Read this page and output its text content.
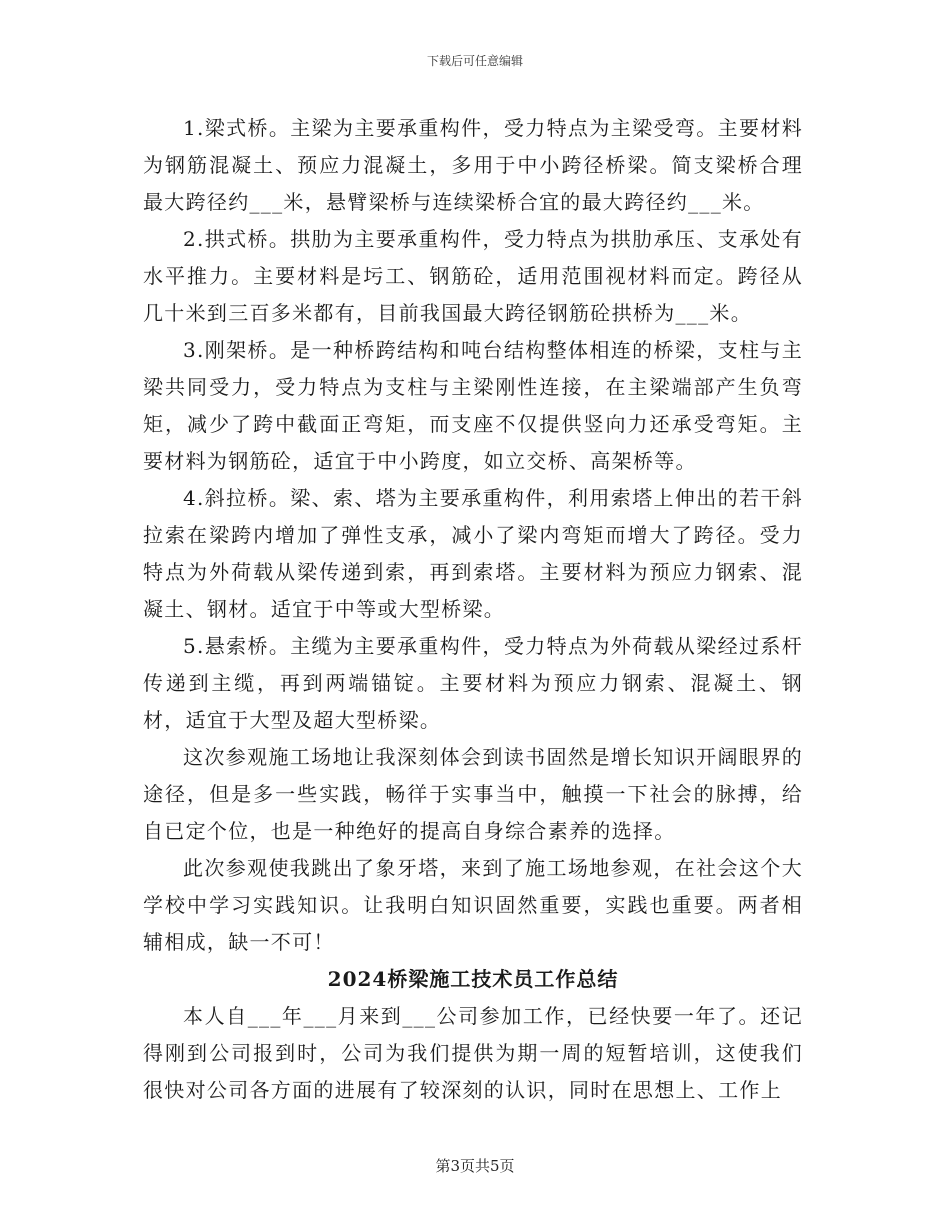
下载后可任意编辑

1.梁式桥。主梁为主要承重构件，受力特点为主梁受弯。主要材料为钢筋混凝土、预应力混凝土，多用于中小跨径桥梁。简支梁桥合理最大跨径约___米，悬臂梁桥与连续梁桥合宜的最大跨径约___米。

2.拱式桥。拱肋为主要承重构件，受力特点为拱肋承压、支承处有水平推力。主要材料是圬工、钢筋砼，适用范围视材料而定。跨径从几十米到三百多米都有，目前我国最大跨径钢筋砼拱桥为___米。

3.刚架桥。是一种桥跨结构和吨台结构整体相连的桥梁，支柱与主梁共同受力，受力特点为支柱与主梁刚性连接，在主梁端部产生负弯矩，减少了跨中截面正弯矩，而支座不仅提供竖向力还承受弯矩。主要材料为钢筋砼，适宜于中小跨度，如立交桥、高架桥等。

4.斜拉桥。梁、索、塔为主要承重构件，利用索塔上伸出的若干斜拉索在梁跨内增加了弹性支承，减小了梁内弯矩而增大了跨径。受力特点为外荷载从梁传递到索，再到索塔。主要材料为预应力钢索、混凝土、钢材。适宜于中等或大型桥梁。

5.悬索桥。主缆为主要承重构件，受力特点为外荷载从梁经过系杆传递到主缆，再到两端锚锭。主要材料为预应力钢索、混凝土、钢材，适宜于大型及超大型桥梁。

这次参观施工场地让我深刻体会到读书固然是增长知识开阔眼界的途径，但是多一些实践，畅徉于实事当中，触摸一下社会的脉搏，给自已定个位，也是一种绝好的提高自身综合素养的选择。

此次参观使我跳出了象牙塔，来到了施工场地参观，在社会这个大学校中学习实践知识。让我明白知识固然重要，实践也重要。两者相辅相成，缺一不可！

2024桥梁施工技术员工作总结

本人自___年___月来到___公司参加工作，已经快要一年了。还记得刚到公司报到时，公司为我们提供为期一周的短暂培训，这使我们很快对公司各方面的进展有了较深刻的认识，同时在思想上、工作上

第3页共5页
